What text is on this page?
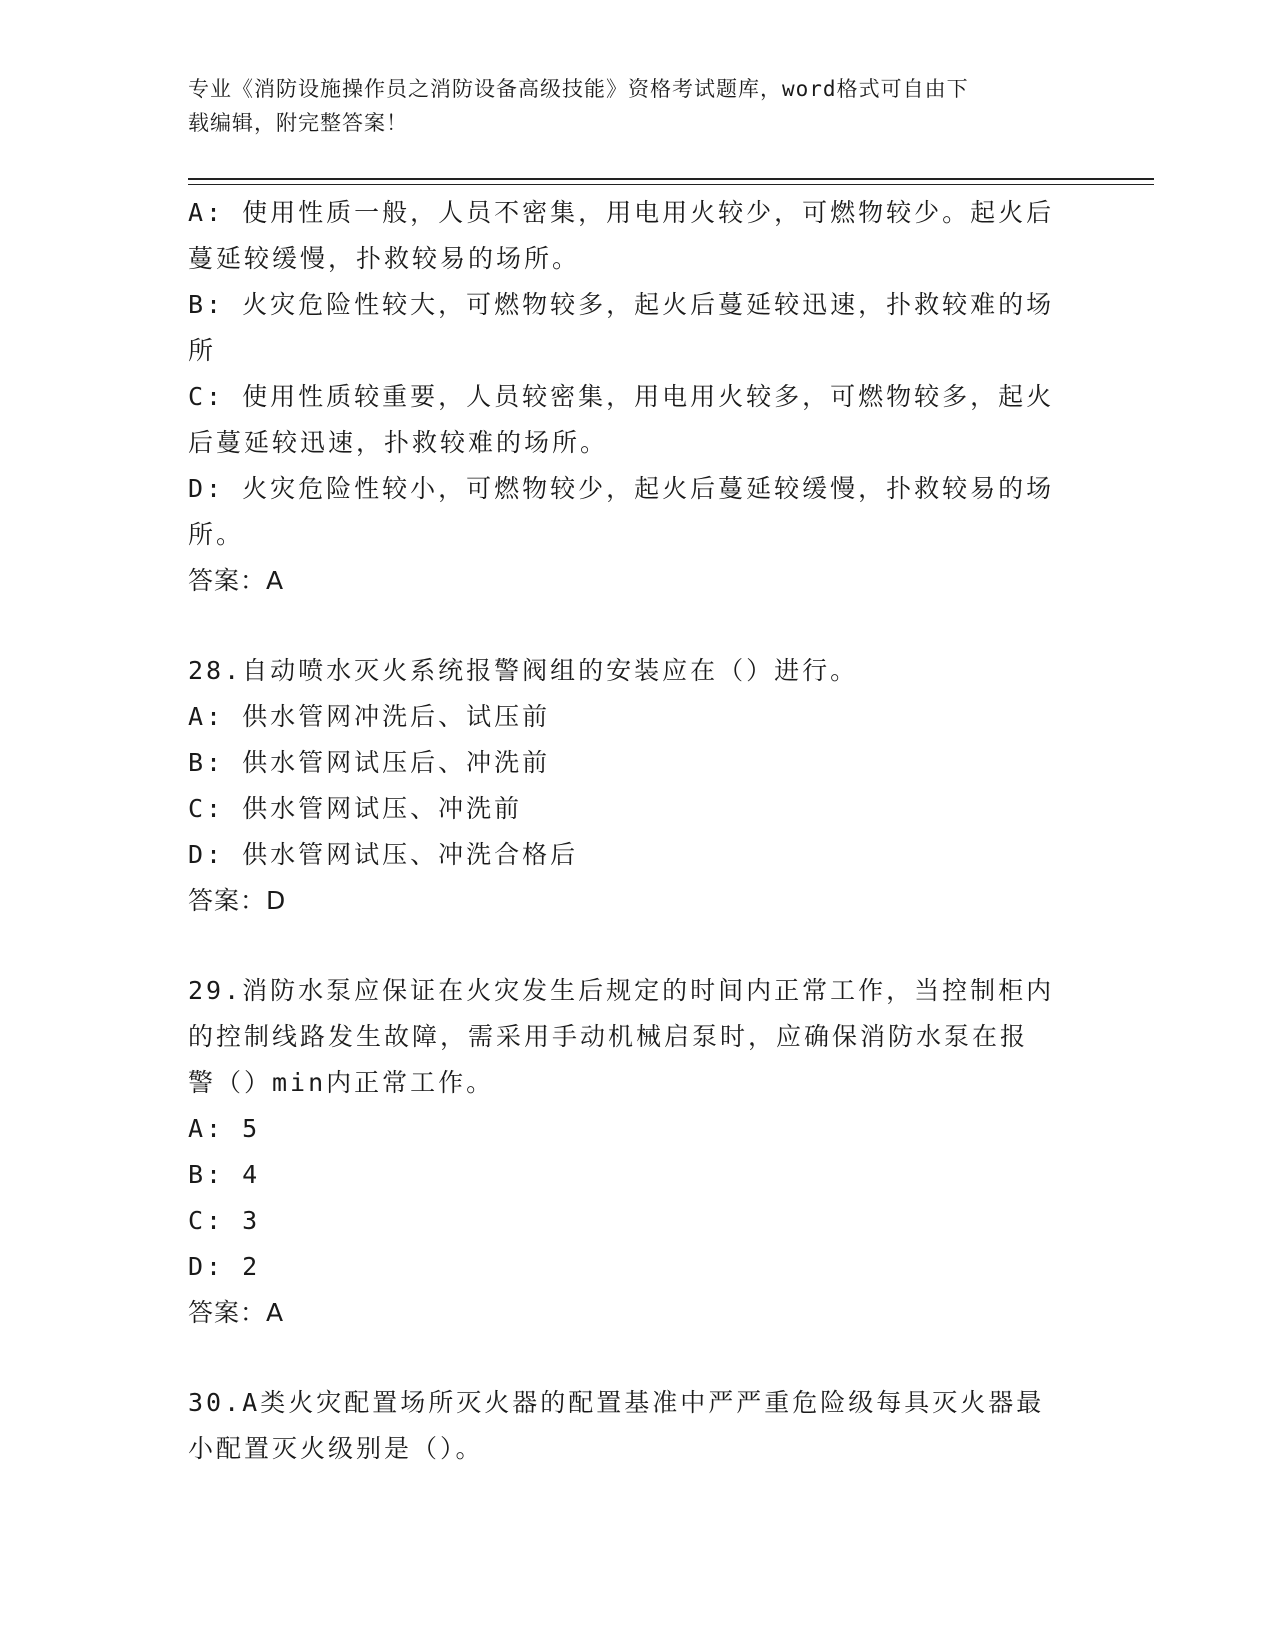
专业《消防设施操作员之消防设备高级技能》资格考试题库，word格式可自由下
载编辑，附完整答案！
A: 使用性质一般，人员不密集，用电用火较少，可燃物较少。起火后
蔓延较缓慢，扑救较易的场所。
B: 火灾危险性较大，可燃物较多，起火后蔓延较迅速，扑救较难的场
所
C: 使用性质较重要，人员较密集，用电用火较多，可燃物较多，起火
后蔓延较迅速，扑救较难的场所。
D: 火灾危险性较小，可燃物较少，起火后蔓延较缓慢，扑救较易的场
所。
答案：A
28.自动喷水灭火系统报警阀组的安装应在（）进行。
A: 供水管网冲洗后、试压前
B: 供水管网试压后、冲洗前
C: 供水管网试压、冲洗前
D: 供水管网试压、冲洗合格后
答案：D
29.消防水泵应保证在火灾发生后规定的时间内正常工作，当控制柜内
的控制线路发生故障，需采用手动机械启泵时，应确保消防水泵在报
警（）min内正常工作。
A: 5
B: 4
C: 3
D: 2
答案：A
30.A类火灾配置场所灭火器的配置基准中严严重危险级每具灭火器最
小配置灭火级别是（）。
